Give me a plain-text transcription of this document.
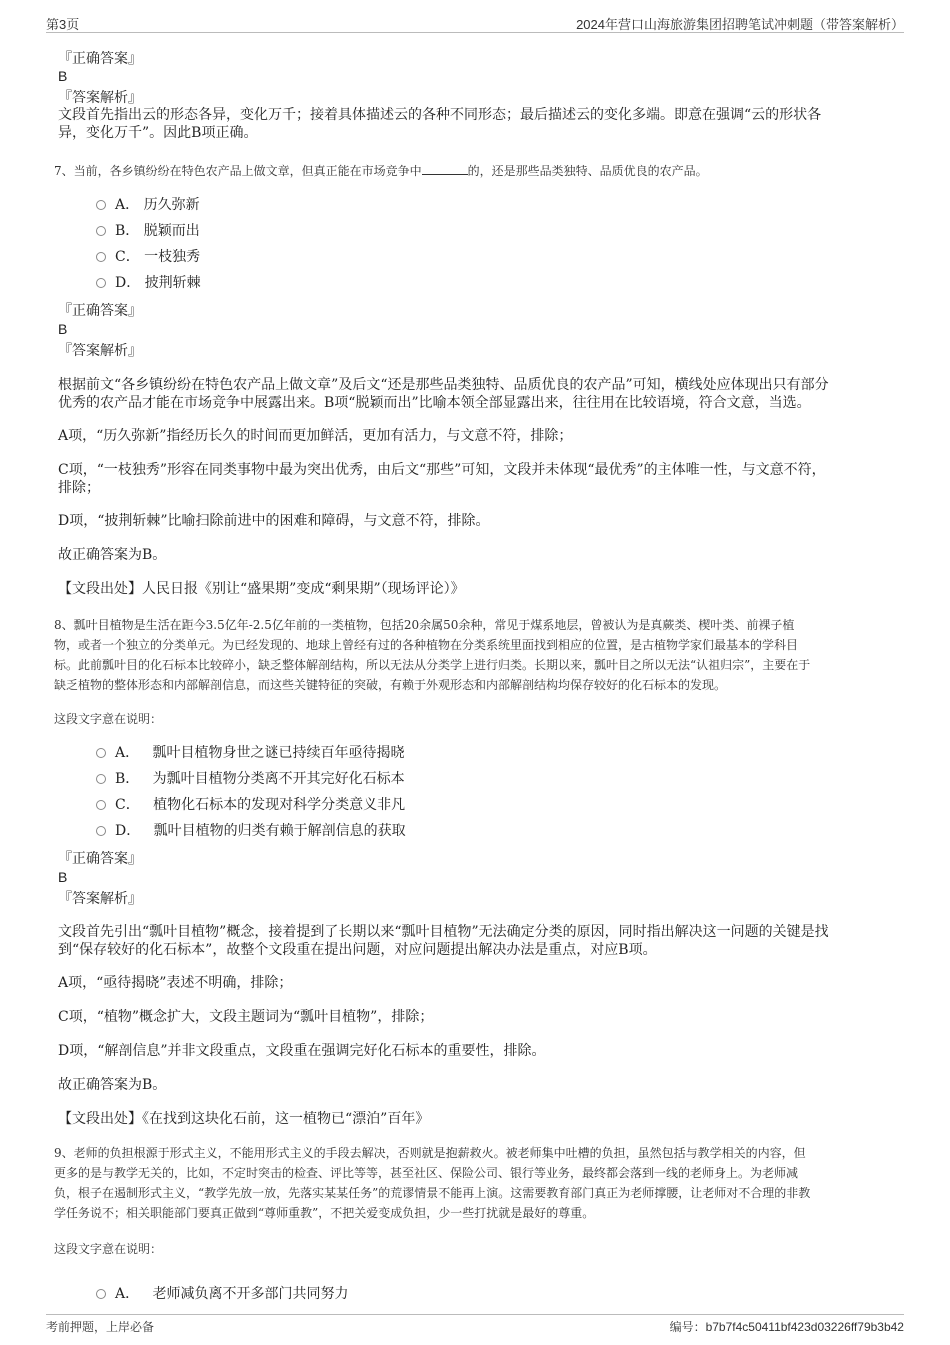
第3页	2024年营口山海旅游集团招聘笔试冲刺题（带答案解析）
『正确答案』
B
『答案解析』
文段首先指出云的形态各异，变化万千；接着具体描述云的各种不同形态；最后描述云的变化多端。即意在强调“云的形状各
异，变化万千”。因此B项正确。
7、当前，各乡镇纷纷在特色农产品上做文章，但真正能在市场竞争中	的，还是那些品类独特、品质优良的农产品。
A． 历久弥新
B． 脱颖而出
C． 一枝独秀
D． 披荆斩棘
『正确答案』
B
『答案解析』
根据前文“各乡镇纷纷在特色农产品上做文章”及后文“还是那些品类独特、品质优良的农产品”可知，横线处应体现出只有部分
优秀的农产品才能在市场竞争中展露出来。B项“脱颖而出”比喻本领全部显露出来，往往用在比较语境，符合文意，当选。
A项，“历久弥新”指经历长久的时间而更加鲜活，更加有活力，与文意不符，排除；
C项，“一枝独秀”形容在同类事物中最为突出优秀，由后文“那些”可知，文段并未体现“最优秀”的主体唯一性，与文意不符，
排除；
D项，“披荆斩棘”比喻扫除前进中的困难和障碍，与文意不符，排除。
故正确答案为B。
【文段出处】人民日报《别让“盛果期”变成“剩果期”（现场评论）》
8、瓢叶目植物是生活在距今3.5亿年-2.5亿年前的一类植物，包括20余属50余种，常见于煤系地层，曾被认为是真蕨类、楔叶类、前裸子植
物，或者一个独立的分类单元。为已经发现的、地球上曾经有过的各种植物在分类系统里面找到相应的位置，是古植物学家们最基本的学科目
标。此前瓢叶目的化石标本比较碎小，缺乏整体解剖结构，所以无法从分类学上进行归类。长期以来，瓢叶目之所以无法“认祖归宗”，主要在于
缺乏植物的整体形态和内部解剖信息，而这些关键特征的突破，有赖于外观形态和内部解剖结构均保存较好的化石标本的发现。
这段文字意在说明：
A． 瓢叶目植物身世之谜已持续百年亟待揭晓
B． 为瓢叶目植物分类离不开其完好化石标本
C． 植物化石标本的发现对科学分类意义非凡
D． 瓢叶目植物的归类有赖于解剖信息的获取
『正确答案』
B
『答案解析』
文段首先引出“瓢叶目植物”概念，接着提到了长期以来“瓢叶目植物”无法确定分类的原因，同时指出解决这一问题的关键是找
到“保存较好的化石标本”，故整个文段重在提出问题，对应问题提出解决办法是重点，对应B项。
A项，“亟待揭晓”表述不明确，排除；
C项，“植物”概念扩大，文段主题词为“瓢叶目植物”，排除；
D项，“解剖信息”并非文段重点，文段重在强调完好化石标本的重要性，排除。
故正确答案为B。
【文段出处】《在找到这块化石前，这一植物已“漂泊”百年》
9、老师的负担根源于形式主义，不能用形式主义的手段去解决，否则就是抱薪救火。被老师集中吐槽的负担，虽然包括与教学相关的内容，但
更多的是与教学无关的，比如，不定时突击的检查、评比等等，甚至社区、保险公司、银行等业务，最终都会落到一线的老师身上。为老师减
负，根子在遏制形式主义，“教学先放一放，先落实某某任务”的荒谬情景不能再上演。这需要教育部门真正为老师撑腰，让老师对不合理的非教
学任务说不；相关职能部门要真正做到“尊师重教”，不把关爱变成负担，少一些打扰就是最好的尊重。
这段文字意在说明：
A． 老师减负离不开多部门共同努力
考前押题，上岸必备	编号：b7b7f4c50411bf423d03226ff79b3b42
